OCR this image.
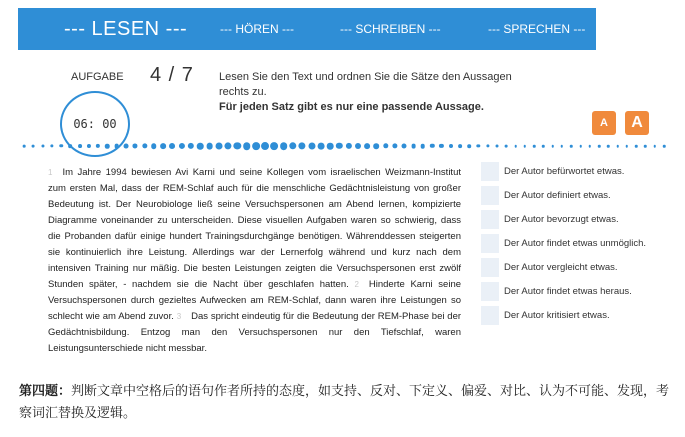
--- LESEN ---	--- HÖREN ---	--- SCHREIBEN ---	--- SPRECHEN ---
AUFGABE 4 / 7
06: 00
Lesen Sie den Text und ordnen Sie die Sätze den Aussagen rechts zu.
Für jeden Satz gibt es nur eine passende Aussage.
A	A

1 Im Jahre 1994 bewiesen Avi Karni und seine Kollegen vom israelischen Weizmann-Institut zum ersten Mal, dass der REM-Schlaf auch für die menschliche Gedächtnisleistung von großer Bedeutung ist. Der Neurobiologe ließ seine Versuchspersonen am Abend lernen, kompizierte Diagramme voneinander zu unterscheiden. Diese visuellen Aufgaben waren so schwierig, dass die Probanden dafür einige hundert Trainingsdurchgänge benötigen. Währenddessen steigerten sie kontinuierlich ihre Leistung. Allerdings war der Lernerfolg während und kurz nach dem intensiven Training nur mäßig. Die besten Leistungen zeigten die Versuchspersonen erst zwölf Stunden später, - nachdem sie die Nacht über geschlafen hatten. 2 Hinderte Karni seine Versuchspersonen durch gezieltes Aufwecken am REM-Schlaf, dann waren ihre Leistungen so schlecht wie am Abend zuvor. 3 Das spricht eindeutig für die Bedeutung der REM-Phase bei der Gedächtnisbildung. Entzog man den Versuchspersonen nur den Tiefschlaf, waren Leistungsunterschiede nicht messbar.

Der Autor befürwortet etwas.
Der Autor definiert etwas.
Der Autor bevorzugt etwas.
Der Autor findet etwas unmöglich.
Der Autor vergleicht etwas.
Der Autor findet etwas heraus.
Der Autor kritisiert etwas.
第四题：判断文章中空格后的语句作者所持的态度，如支持、反对、下定义、偏爱、对比、认为不可能、发现，考察词汇替换及逻辑。
